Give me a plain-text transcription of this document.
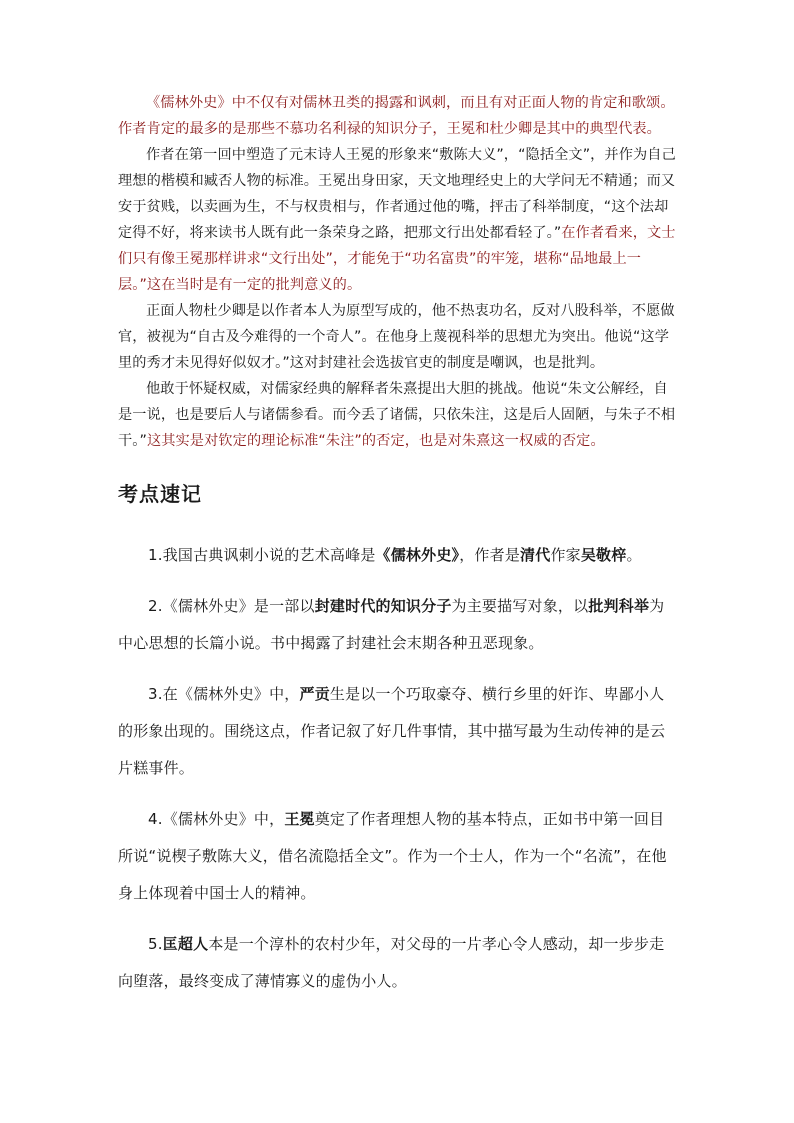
《儒林外史》中不仅有对儒林丑类的揭露和讽刺，而且有对正面人物的肯定和歌颂。作者肯定的最多的是那些不慕功名利禄的知识分子，王冕和杜少卿是其中的典型代表。

作者在第一回中塑造了元末诗人王冕的形象来“敷陈大义”，“隐括全文”，并作为自己理想的楷模和臧否人物的标准。王冕出身田家，天文地理经史上的大学问无不精通；而又安于贫贱，以卖画为生，不与权贵相与，作者通过他的嘴，抨击了科举制度，“这个法却定得不好，将来读书人既有此一条荣身之路，把那文行出处都看轻了。”在作者看来，文士们只有像王冕那样讲求“文行出处”，才能免于“功名富贵”的牢笼，堪称“品地最上一层。”这在当时是有一定的批判意义的。

正面人物杜少卿是以作者本人为原型写成的，他不热衷功名，反对八股科举，不愿做官，被视为“自古及今难得的一个奇人”。在他身上蔑视科举的思想尤为突出。他说“这学里的秀才未见得好似奴才。”这对封建社会选拔官吏的制度是嘲讽，也是批判。

他敢于怀疑权威，对儒家经典的解释者朱熹提出大胆的挑战。他说“朱文公解经，自是一说，也是要后人与诸儒参看。而今丢了诸儒，只依朱注，这是后人固陋，与朱子不相干。”这其实是对钦定的理论标准“朱注”的否定，也是对朱熹这一权威的否定。

考点速记

1.我国古典讽刺小说的艺术高峰是《儒林外史》，作者是清代作家吴敬梓。

2.《儒林外史》是一部以封建时代的知识分子为主要描写对象，以批判科举为中心思想的长篇小说。书中揭露了封建社会末期各种丑恶现象。

3.在《儒林外史》中，严贡生是以一个巧取豪夺、横行乡里的奸诈、卑鄙小人的形象出现的。围绕这点，作者记叙了好几件事情，其中描写最为生动传神的是云片糕事件。

4.《儒林外史》中，王冕奠定了作者理想人物的基本特点，正如书中第一回目所说“说楔子敷陈大义，借名流隐括全文”。作为一个士人，作为一个“名流”，在他身上体现着中国士人的精神。

5.匡超人本是一个淳朴的农村少年，对父母的一片孝心令人感动，却一步步走向堕落，最终变成了薄情寡义的虚伪小人。
